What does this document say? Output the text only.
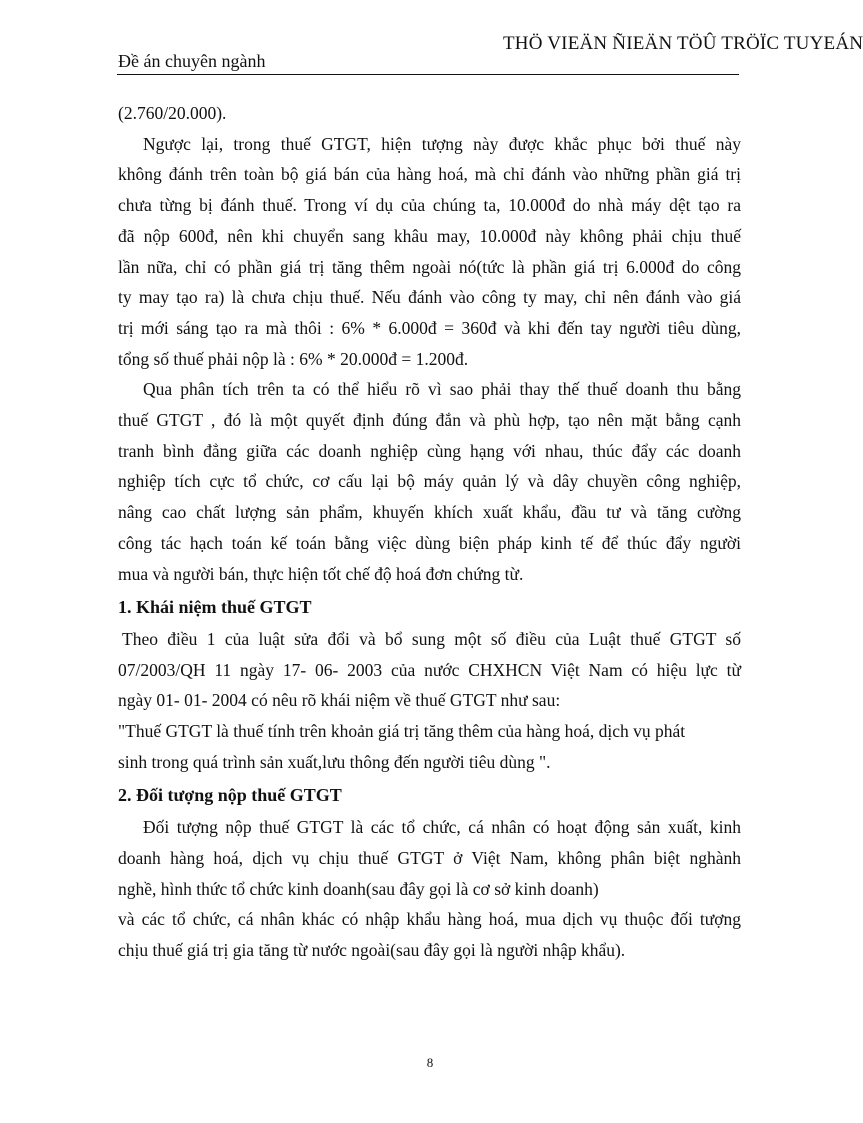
THÖ VIEÄN ÑIEÄN TÖÛ TRÖÏC TUYEÁN
Đề án chuyên ngành

(2.760/20.000).

Ngược lại, trong thuế GTGT, hiện tượng này được khắc phục bởi thuế này
không đánh trên toàn bộ giá bán của hàng hoá, mà chỉ đánh vào những phần giá trị
chưa từng bị đánh thuế. Trong ví dụ của chúng ta, 10.000đ do nhà máy dệt tạo ra
đã nộp 600đ, nên khi chuyển sang khâu may, 10.000đ này không phải chịu thuế
lần nữa, chỉ có phần giá trị tăng thêm ngoài nó(tức là phần giá trị 6.000đ do công
ty may tạo ra) là chưa chịu thuế. Nếu đánh vào công ty may, chỉ nên đánh vào giá
trị mới sáng tạo ra mà thôi : 6% * 6.000đ = 360đ và khi đến tay người tiêu dùng,
tổng số thuế phải nộp là : 6% * 20.000đ = 1.200đ.

Qua phân tích trên ta có thể hiểu rõ vì sao phải thay thế thuế doanh thu bằng
thuế GTGT , đó là một quyết định đúng đắn và phù hợp, tạo nên mặt bằng cạnh
tranh bình đẳng giữa các doanh nghiệp cùng hạng với nhau, thúc đẩy các doanh
nghiệp tích cực tổ chức, cơ cấu lại bộ máy quản lý và dây chuyền công nghiệp,
nâng cao chất lượng sản phẩm, khuyến khích xuất khẩu, đầu tư và tăng cường
công tác hạch toán kế toán bằng việc dùng biện pháp kinh tế để thúc đẩy người
mua và người bán, thực hiện tốt chế độ hoá đơn chứng từ.

1. Khái niệm thuế GTGT

Theo điều 1 của luật sửa đổi và bổ sung một số điều của Luật thuế GTGT số
07/2003/QH 11 ngày 17- 06- 2003 của nước CHXHCN Việt Nam có hiệu lực từ
ngày 01- 01- 2004 có nêu rõ khái niệm về thuế GTGT như sau:
"Thuế GTGT là thuế tính trên khoản giá trị tăng thêm của hàng hoá, dịch vụ phát
sinh trong quá trình sản xuất,lưu thông đến người tiêu dùng ".

2. Đối tượng nộp thuế GTGT

Đối tượng nộp thuế GTGT là các tổ chức, cá nhân có hoạt động sản xuất, kinh
doanh hàng hoá, dịch vụ chịu thuế GTGT ở Việt Nam, không phân biệt nghành
nghề, hình thức tổ chức kinh doanh(sau đây gọi là cơ sở kinh doanh)
và các tổ chức, cá nhân khác có nhập khẩu hàng hoá, mua dịch vụ thuộc đối tượng
chịu thuế giá trị gia tăng từ nước ngoài(sau đây gọi là người nhập khẩu).

8
